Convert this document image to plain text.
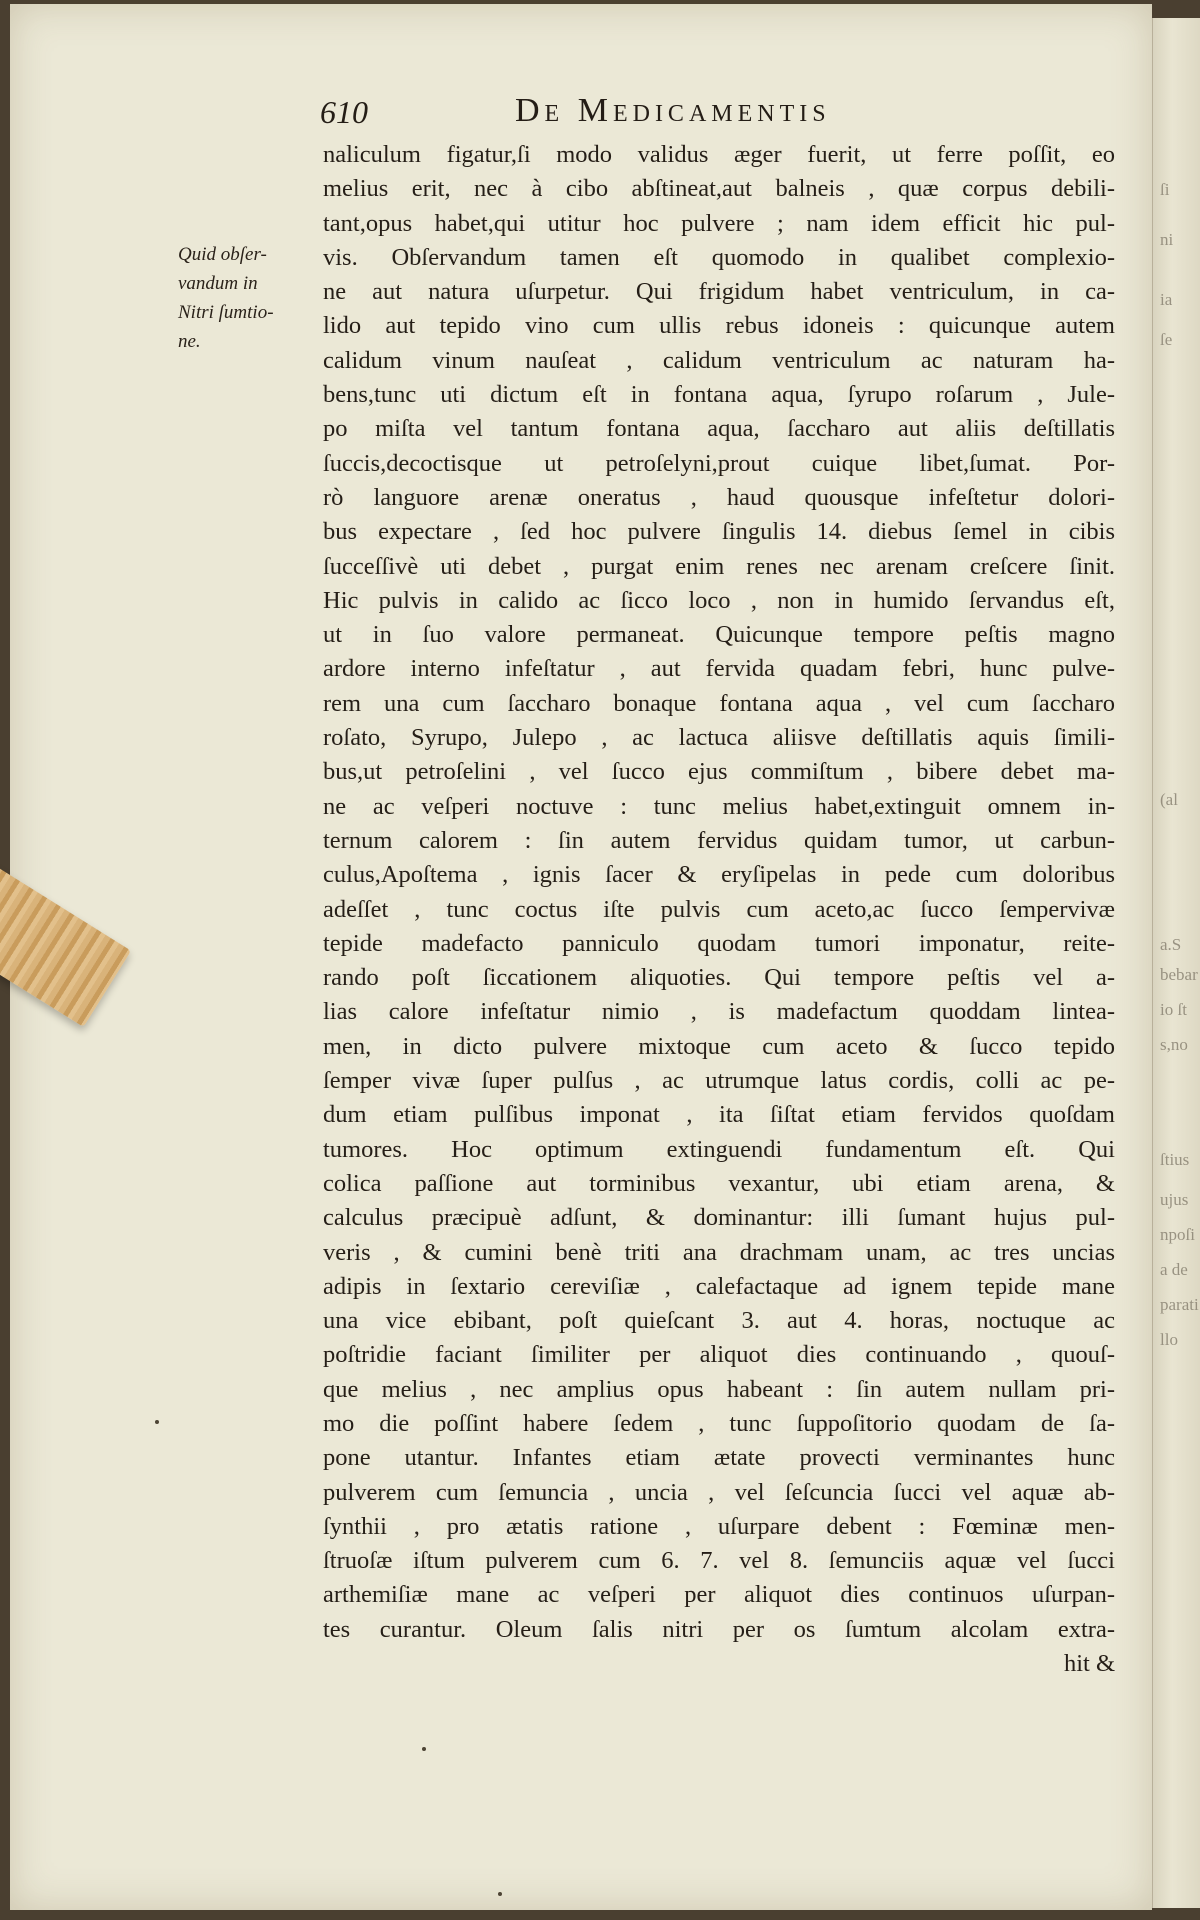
ſi
ni
ia
ſe
(al
a.S
bebar
io ſt
s,no
ſtius
ujus
npoſi
a de
parati
llo
610	De Medicamentis
Quid obſer-
vandum in
Nitri ſumtio-
ne.
naliculum figatur,ſi modo validus æger fuerit, ut ferre poſſit, eo
melius erit, nec à cibo abſtineat,aut balneis , quæ corpus debili-
tant,opus habet,qui utitur hoc pulvere ; nam idem efficit hic pul-
vis. Obſervandum tamen eſt quomodo in qualibet complexio-
ne aut natura uſurpetur. Qui frigidum habet ventriculum, in ca-
lido aut tepido vino cum ullis rebus idoneis : quicunque autem
calidum vinum nauſeat , calidum ventriculum ac naturam ha-
bens,tunc uti dictum eſt in fontana aqua, ſyrupo roſarum , Jule-
po miſta vel tantum fontana aqua, ſaccharo aut aliis deſtillatis
ſuccis,decoctisque ut petroſelyni,prout cuique libet,ſumat. Por-
rò languore arenæ oneratus , haud quousque infeſtetur dolori-
bus expectare , ſed hoc pulvere ſingulis 14. diebus ſemel in cibis
ſucceſſivè uti debet , purgat enim renes nec arenam creſcere ſinit.
Hic pulvis in calido ac ſicco loco , non in humido ſervandus eſt,
ut in ſuo valore permaneat. Quicunque tempore peſtis magno
ardore interno infeſtatur , aut fervida quadam febri, hunc pulve-
rem una cum ſaccharo bonaque fontana aqua , vel cum ſaccharo
roſato, Syrupo, Julepo , ac lactuca aliisve deſtillatis aquis ſimili-
bus,ut petroſelini , vel ſucco ejus commiſtum , bibere debet ma-
ne ac veſperi noctuve : tunc melius habet,extinguit omnem in-
ternum calorem : ſin autem fervidus quidam tumor, ut carbun-
culus,Apoſtema , ignis ſacer & eryſipelas in pede cum doloribus
adeſſet , tunc coctus iſte pulvis cum aceto,ac ſucco ſempervivæ
tepide madefacto panniculo quodam tumori imponatur, reite-
rando poſt ſiccationem aliquoties. Qui tempore peſtis vel a-
lias calore infeſtatur nimio , is madefactum quoddam lintea-
men, in dicto pulvere mixtoque cum aceto & ſucco tepido
ſemper vivæ ſuper pulſus , ac utrumque latus cordis, colli ac pe-
dum etiam pulſibus imponat , ita ſiſtat etiam fervidos quoſdam
tumores. Hoc optimum extinguendi fundamentum eſt. Qui
colica paſſione aut torminibus vexantur, ubi etiam arena, &
calculus præcipuè adſunt, & dominantur: illi ſumant hujus pul-
veris , & cumini benè triti ana drachmam unam, ac tres uncias
adipis in ſextario cereviſiæ , calefactaque ad ignem tepide mane
una vice ebibant, poſt quieſcant 3. aut 4. horas, noctuque ac
poſtridie faciant ſimiliter per aliquot dies continuando , quouſ-
que melius , nec amplius opus habeant : ſin autem nullam pri-
mo die poſſint habere ſedem , tunc ſuppoſitorio quodam de ſa-
pone utantur. Infantes etiam ætate provecti verminantes hunc
pulverem cum ſemuncia , uncia , vel ſeſcuncia ſucci vel aquæ ab-
ſynthii , pro ætatis ratione , uſurpare debent : Fœminæ men-
ſtruoſæ iſtum pulverem cum 6. 7. vel 8. ſemunciis aquæ vel ſucci
arthemiſiæ mane ac veſperi per aliquot dies continuos uſurpan-
tes curantur. Oleum ſalis nitri per os ſumtum alcolam extra-
hit &
